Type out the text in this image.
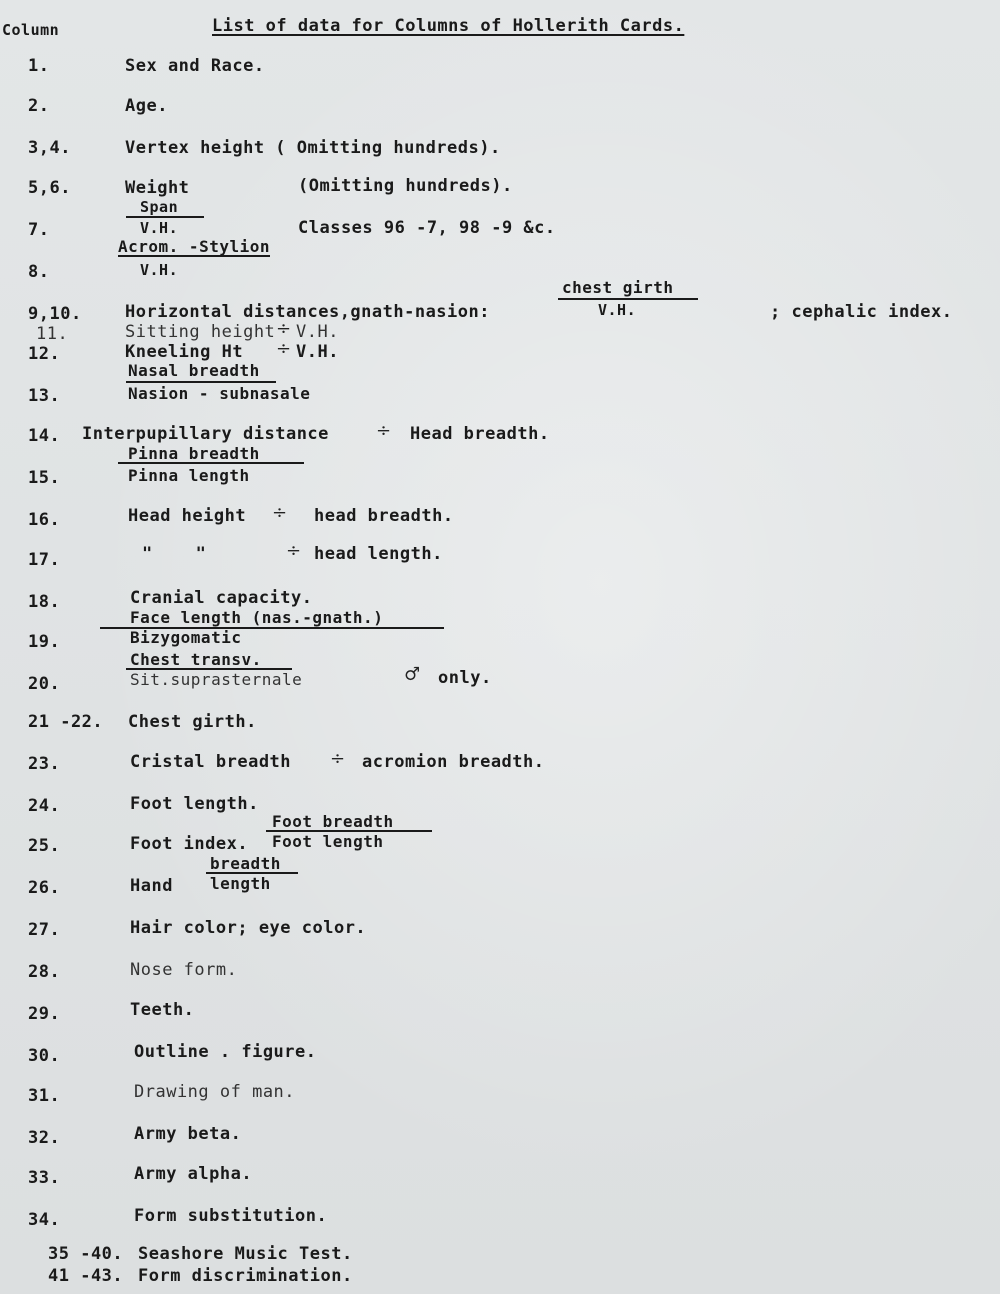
Column	List of data for Columns of Hollerith Cards.
1.	Sex and Race.
2.	Age.
3,4.	Vertex height ( Omitting hundreds).
5,6.	Weight	(Omitting hundreds).
Span
7.	V.H.	Classes 96 -7, 98 -9 &c.
Acrom. -Stylion
8.	V.H.
chest girth
9,10.	Horizontal distances,gnath-nasion:	V.H.	; cephalic index.
11.	Sitting height ÷ V.H.
12.	Kneeling Ht ÷ V.H.
Nasal breadth
13.	Nasion - subnasale
14. Interpupillary distance	÷ Head breadth.
Pinna breadth
15.	Pinna length
16.	Head height ÷ head breadth.
17.	"    "	÷ head length.
18.	Cranial capacity.
Face length (nas.-gnath.)
19.	Bizygomatic
Chest transv.
20.	Sit.suprasternale	♂ only.
21 -22. Chest girth.
23.	Cristal breadth ÷ acromion breadth.
24.	Foot length.
Foot breadth
25.	Foot index. Foot length
breadth
26.	Hand length
27.	Hair color; eye color.
28.	Nose form.
29.	Teeth.
30.	Outline . figure.
31.	Drawing of man.
32.	Army beta.
33.	Army alpha.
34.	Form substitution.
35 -40. Seashore Music Test.
41 -43. Form discrimination.
